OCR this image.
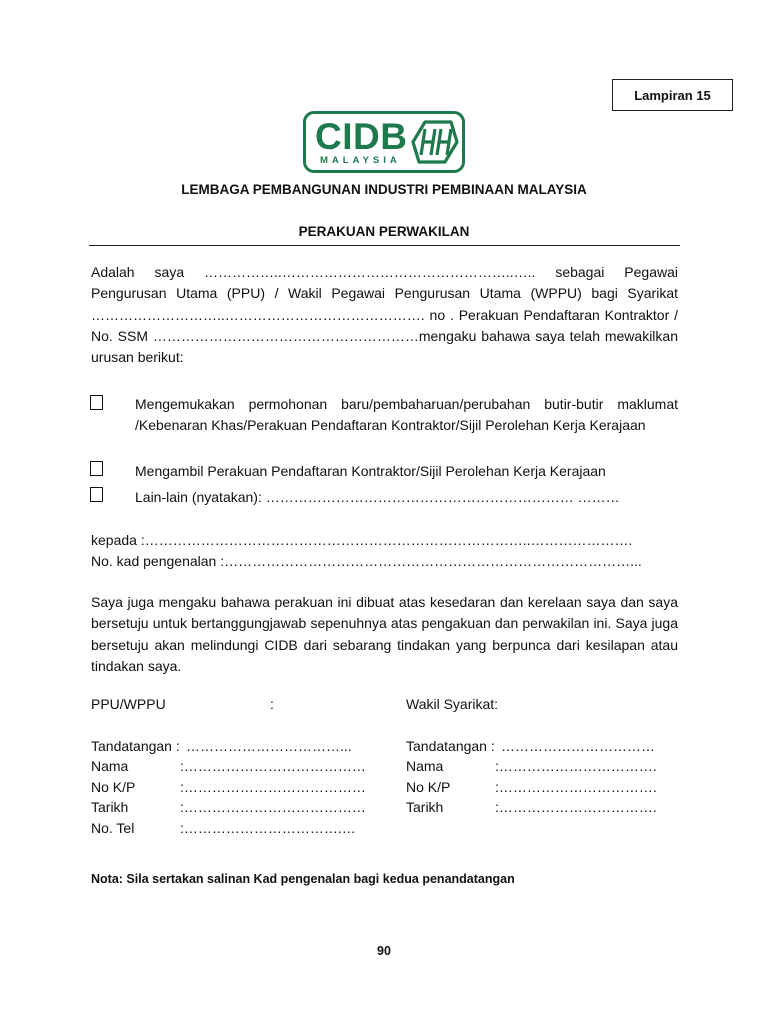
Lampiran 15
CIDB
MALAYSIA
LEMBAGA PEMBANGUNAN INDUSTRI PEMBINAAN MALAYSIA
PERAKUAN PERWAKILAN
Adalah saya ……………..…………………………………………..….. sebagai Pegawai Pengurusan Utama (PPU) / Wakil Pegawai Pengurusan Utama (WPPU) bagi Syarikat ………………………..……………………………………. no . Perakuan Pendaftaran Kontraktor / No. SSM …………………………………………………mengaku bahawa saya telah mewakilkan urusan berikut:
Mengemukakan permohonan baru/pembaharuan/perubahan butir-butir maklumat /Kebenaran Khas/Perakuan Pendaftaran Kontraktor/Sijil Perolehan Kerja Kerajaan
Mengambil Perakuan Pendaftaran Kontraktor/Sijil Perolehan Kerja Kerajaan
Lain-lain (nyatakan): ………………………………………………………… ………
kepada :………………………………………………………………………..………………….
No. kad pengenalan :……………………………………………………………………………...
Saya juga mengaku bahawa perakuan ini dibuat atas kesedaran dan kerelaan saya dan saya bersetuju untuk bertanggungjawab sepenuhnya atas pengakuan dan perwakilan ini. Saya juga bersetuju akan melindungi CIDB dari sebarang tindakan yang berpunca dari kesilapan atau tindakan saya.
PPU/WPPU	:	Wakil Syarikat:
Tandatangan : ……………………………...
Nama	:…………………………………
No K/P	:…………………………………
Tarikh	:…………………………………
No. Tel	:…………………………….…
Tandatangan : ……………………………
Nama	:…………………………….
No K/P	:…………………………….
Tarikh	:…………………………….
Nota: Sila sertakan salinan Kad pengenalan bagi kedua penandatangan
90
